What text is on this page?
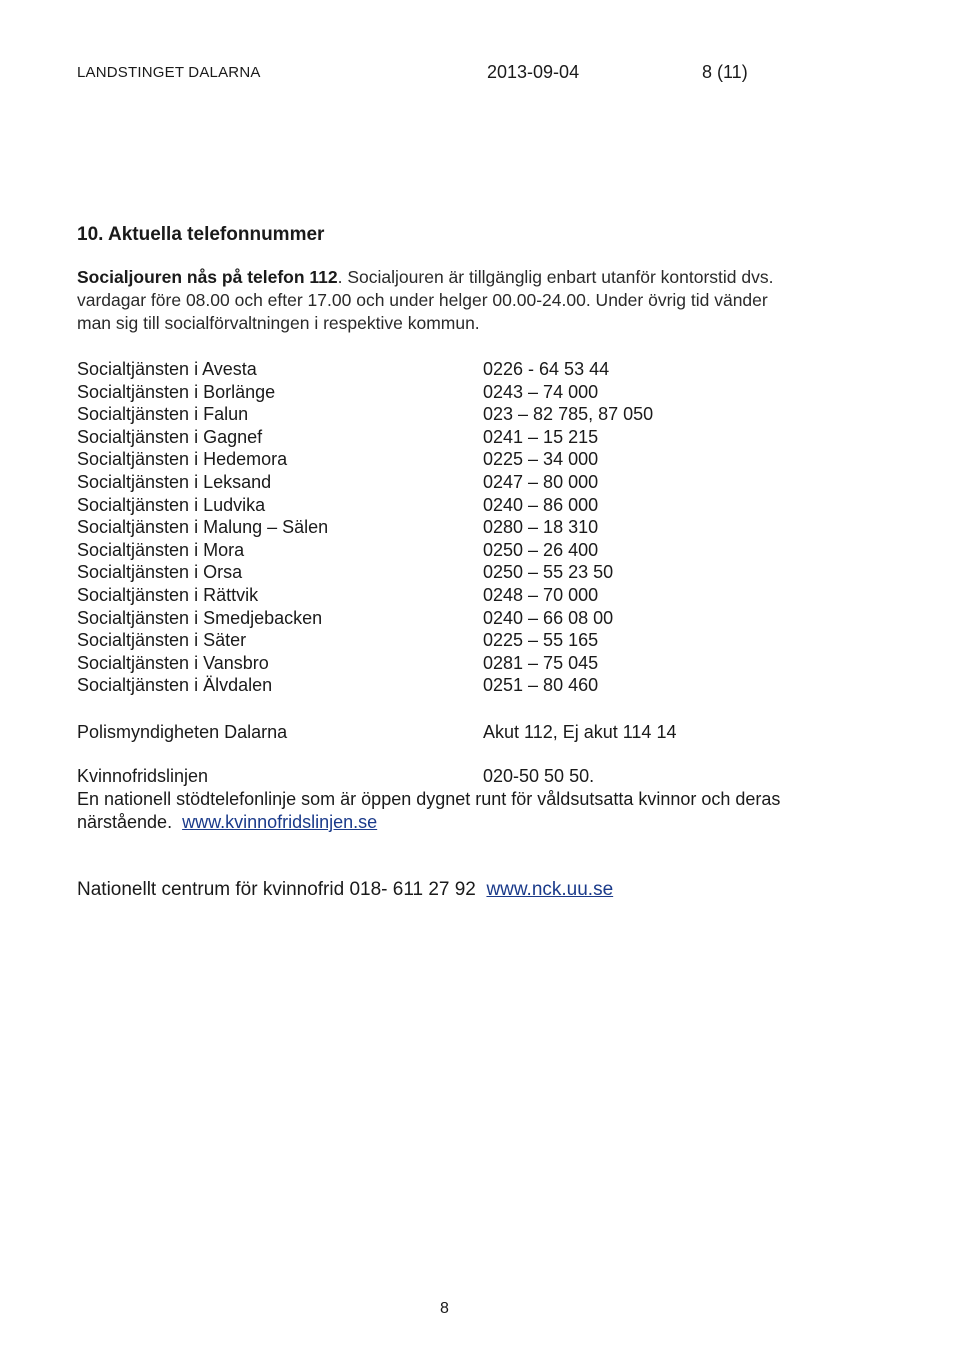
LANDSTINGET DALARNA	2013-09-04	8 (11)
10. Aktuella telefonnummer
Socialjouren nås på telefon 112. Socialjouren är tillgänglig enbart utanför kontorstid dvs.
vardagar före 08.00 och efter 17.00 och under helger 00.00-24.00. Under övrig tid vänder
man sig till socialförvaltningen i respektive kommun.
Socialtjänsten i Avesta	0226 - 64 53 44
Socialtjänsten i Borlänge	0243 – 74 000
Socialtjänsten i Falun	023 – 82 785, 87 050
Socialtjänsten i Gagnef	0241 – 15 215
Socialtjänsten i Hedemora	0225 – 34 000
Socialtjänsten i Leksand	0247 – 80 000
Socialtjänsten i Ludvika	0240 – 86 000
Socialtjänsten i Malung – Sälen	0280 – 18 310
Socialtjänsten i Mora	0250 – 26 400
Socialtjänsten i Orsa	0250 – 55 23 50
Socialtjänsten i Rättvik	0248 – 70 000
Socialtjänsten i Smedjebacken	0240 – 66 08 00
Socialtjänsten i Säter	0225 – 55 165
Socialtjänsten i Vansbro	0281 – 75 045
Socialtjänsten i Älvdalen	0251 – 80 460
Polismyndigheten Dalarna	Akut 112, Ej akut 114 14
Kvinnofridslinjen	020-50 50 50.
En nationell stödtelefonlinje som är öppen dygnet runt för våldsutsatta kvinnor och deras
närstående. www.kvinnofridslinjen.se
Nationellt centrum för kvinnofrid 018- 611 27 92 www.nck.uu.se
8
